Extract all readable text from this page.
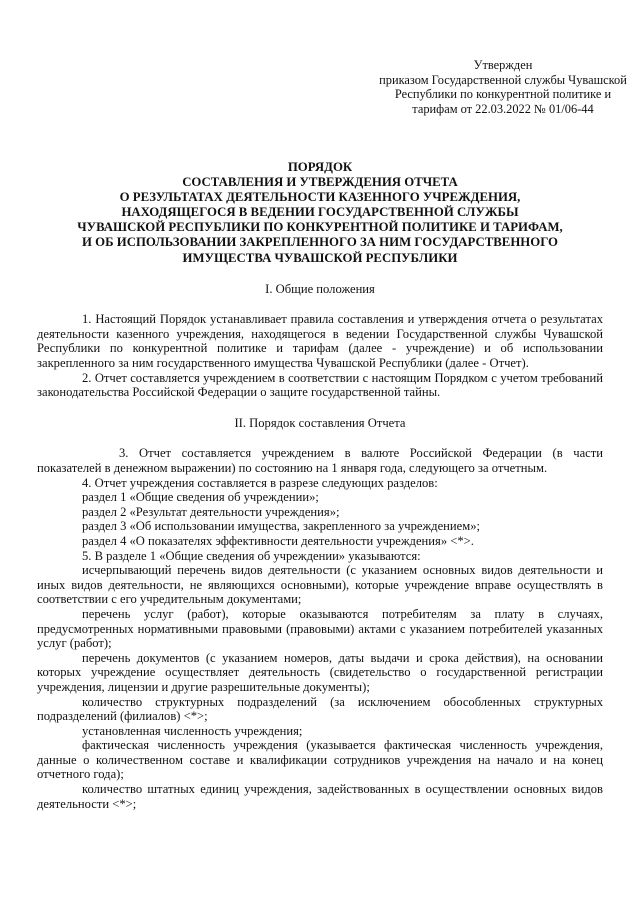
Утвержден
приказом Государственной службы Чувашской
Республики по конкурентной политике и
тарифам от 22.03.2022 № 01/06-44
ПОРЯДОК
СОСТАВЛЕНИЯ И УТВЕРЖДЕНИЯ ОТЧЕТА
О РЕЗУЛЬТАТАХ ДЕЯТЕЛЬНОСТИ КАЗЕННОГО УЧРЕЖДЕНИЯ,
НАХОДЯЩЕГОСЯ В ВЕДЕНИИ ГОСУДАРСТВЕННОЙ СЛУЖБЫ
ЧУВАШСКОЙ РЕСПУБЛИКИ ПО КОНКУРЕНТНОЙ ПОЛИТИКЕ И ТАРИФАМ,
И ОБ ИСПОЛЬЗОВАНИИ ЗАКРЕПЛЕННОГО ЗА НИМ ГОСУДАРСТВЕННОГО
ИМУЩЕСТВА ЧУВАШСКОЙ РЕСПУБЛИКИ
I. Общие положения
1. Настоящий Порядок устанавливает правила составления и утверждения отчета о результатах деятельности казенного учреждения, находящегося в ведении Государственной службы Чувашской Республики по конкурентной политике и тарифам (далее - учреждение) и об использовании закрепленного за ним государственного имущества Чувашской Республики (далее - Отчет).
2. Отчет составляется учреждением в соответствии с настоящим Порядком с учетом требований законодательства Российской Федерации о защите государственной тайны.
II. Порядок составления Отчета
3. Отчет составляется учреждением в валюте Российской Федерации (в части показателей в денежном выражении) по состоянию на 1 января года, следующего за отчетным.
4. Отчет учреждения составляется в разрезе следующих разделов:
раздел 1 «Общие сведения об учреждении»;
раздел 2 «Результат деятельности учреждения»;
раздел 3 «Об использовании имущества, закрепленного за учреждением»;
раздел 4 «О показателях эффективности деятельности учреждения» <*>.
5. В разделе 1 «Общие сведения об учреждении» указываются:
исчерпывающий перечень видов деятельности (с указанием основных видов деятельности и иных видов деятельности, не являющихся основными), которые учреждение вправе осуществлять в соответствии с его учредительным документами;
перечень услуг (работ), которые оказываются потребителям за плату в случаях, предусмотренных нормативными правовыми (правовыми) актами с указанием потребителей указанных услуг (работ);
перечень документов (с указанием номеров, даты выдачи и срока действия), на основании которых учреждение осуществляет деятельность (свидетельство о государственной регистрации учреждения, лицензии и другие разрешительные документы);
количество структурных подразделений (за исключением обособленных структурных подразделений (филиалов) <*>;
установленная численность учреждения;
фактическая численность учреждения (указывается фактическая численность учреждения, данные о количественном составе и квалификации сотрудников учреждения на начало и на конец отчетного года);
количество штатных единиц учреждения, задействованных в осуществлении основных видов деятельности <*>;
